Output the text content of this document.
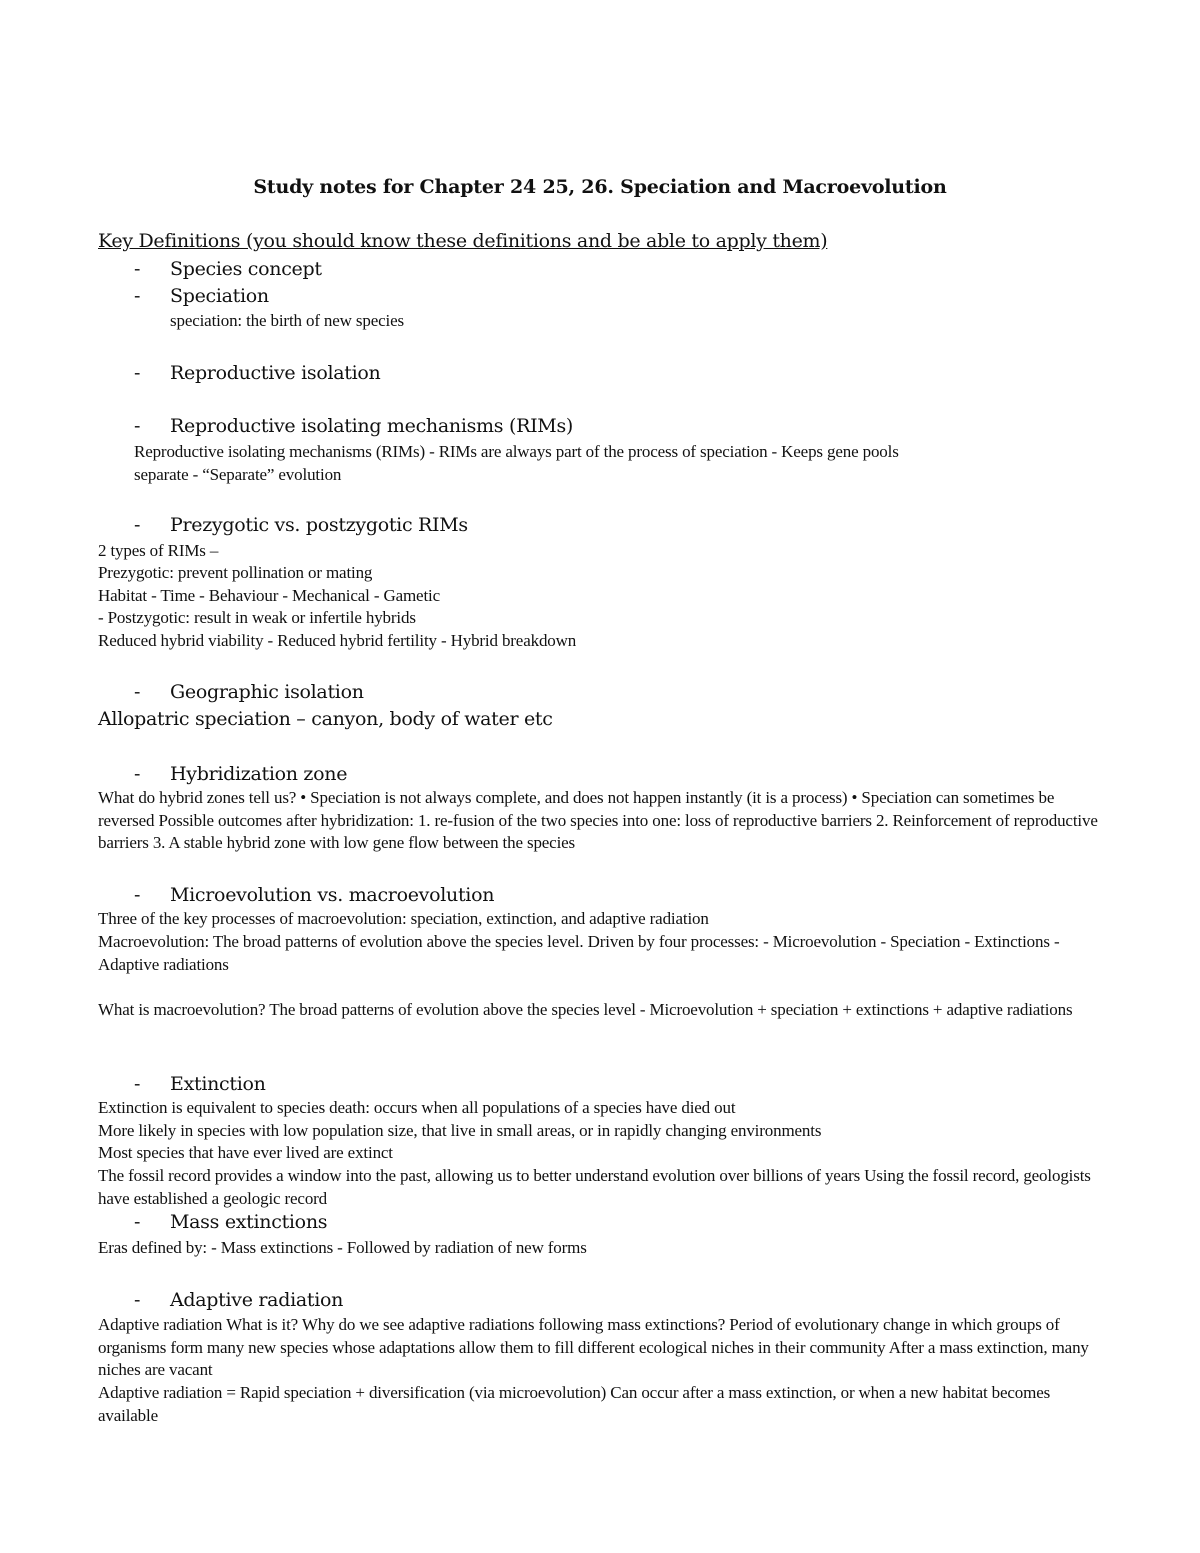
Study notes for Chapter 24 25, 26. Speciation and Macroevolution
Key Definitions (you should know these definitions and be able to apply them)
- Species concept
- Speciation
speciation: the birth of new species
- Reproductive isolation
- Reproductive isolating mechanisms (RIMs)
Reproductive isolating mechanisms (RIMs) - RIMs are always part of the process of speciation - Keeps gene pools
separate - “Separate” evolution
- Prezygotic vs. postzygotic RIMs
2 types of RIMs –
Prezygotic: prevent pollination or mating
Habitat - Time - Behaviour - Mechanical - Gametic
- Postzygotic: result in weak or infertile hybrids
Reduced hybrid viability - Reduced hybrid fertility - Hybrid breakdown
- Geographic isolation
Allopatric speciation – canyon, body of water etc
- Hybridization zone
What do hybrid zones tell us? • Speciation is not always complete, and does not happen instantly (it is a process) • Speciation can sometimes be reversed Possible outcomes after hybridization: 1. re-fusion of the two species into one: loss of reproductive barriers 2. Reinforcement of reproductive barriers 3. A stable hybrid zone with low gene flow between the species
- Microevolution vs. macroevolution
Three of the key processes of macroevolution: speciation, extinction, and adaptive radiation
Macroevolution: The broad patterns of evolution above the species level. Driven by four processes: - Microevolution - Speciation - Extinctions - Adaptive radiations
What is macroevolution? The broad patterns of evolution above the species level - Microevolution + speciation + extinctions + adaptive radiations
- Extinction
Extinction is equivalent to species death: occurs when all populations of a species have died out
More likely in species with low population size, that live in small areas, or in rapidly changing environments
Most species that have ever lived are extinct
The fossil record provides a window into the past, allowing us to better understand evolution over billions of years Using the fossil record, geologists have established a geologic record
- Mass extinctions
Eras defined by: - Mass extinctions - Followed by radiation of new forms
- Adaptive radiation
Adaptive radiation What is it? Why do we see adaptive radiations following mass extinctions? Period of evolutionary change in which groups of organisms form many new species whose adaptations allow them to fill different ecological niches in their community After a mass extinction, many niches are vacant
Adaptive radiation = Rapid speciation + diversification (via microevolution) Can occur after a mass extinction, or when a new habitat becomes available
